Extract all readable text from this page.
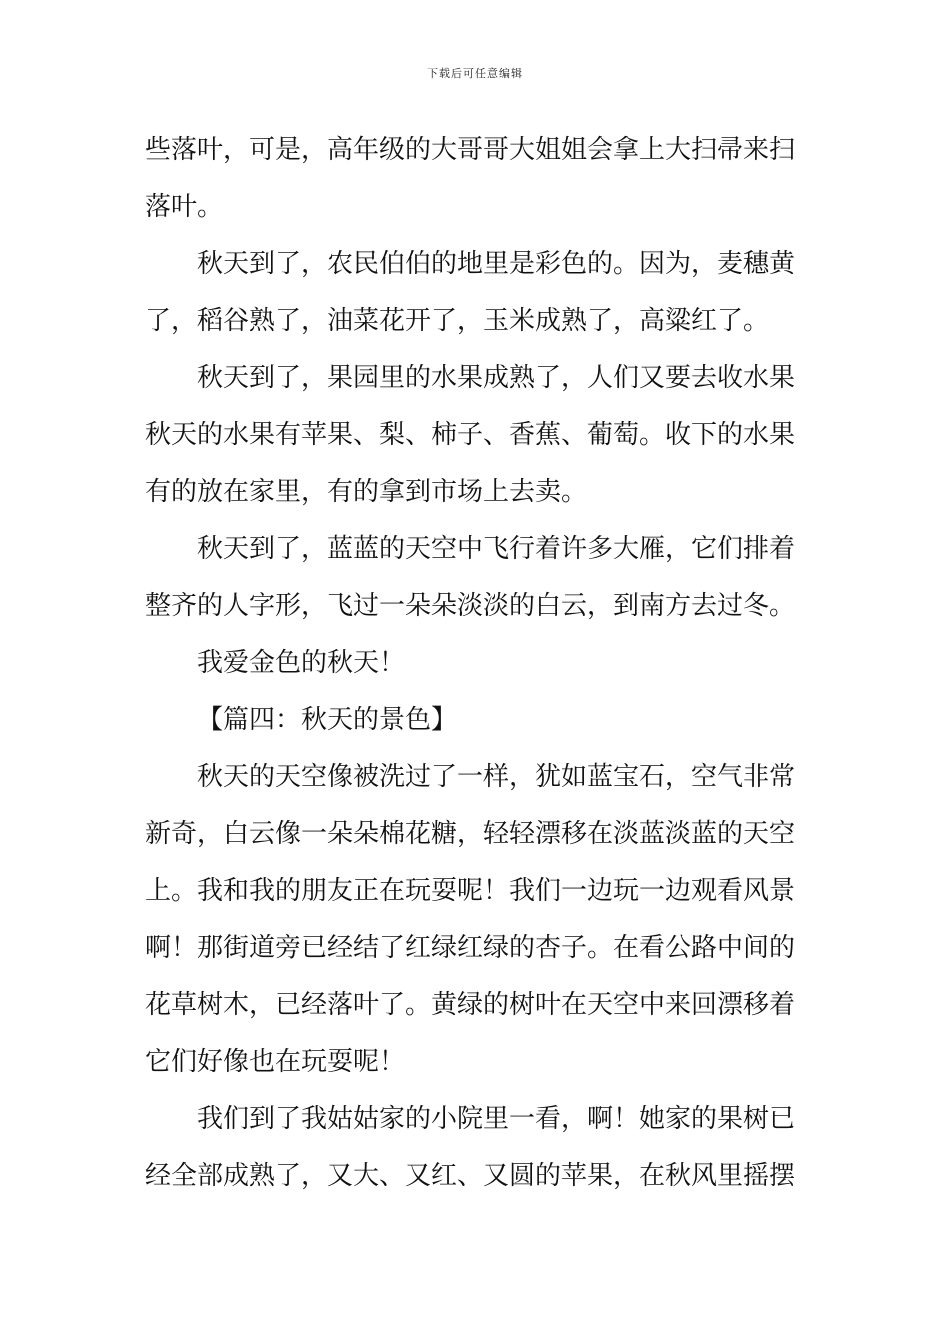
下载后可任意编辑
些落叶，可是，高年级的大哥哥大姐姐会拿上大扫帚来扫
落叶。
秋天到了，农民伯伯的地里是彩色的。因为，麦穗黄
了，稻谷熟了，油菜花开了，玉米成熟了，高粱红了。
秋天到了，果园里的水果成熟了，人们又要去收水果
秋天的水果有苹果、梨、柿子、香蕉、葡萄。收下的水果
有的放在家里，有的拿到市场上去卖。
秋天到了，蓝蓝的天空中飞行着许多大雁，它们排着
整齐的人字形，飞过一朵朵淡淡的白云，到南方去过冬。
我爱金色的秋天！
【篇四：秋天的景色】
秋天的天空像被洗过了一样，犹如蓝宝石，空气非常
新奇，白云像一朵朵棉花糖，轻轻漂移在淡蓝淡蓝的天空
上。我和我的朋友正在玩耍呢！我们一边玩一边观看风景
啊！那街道旁已经结了红绿红绿的杏子。在看公路中间的
花草树木，已经落叶了。黄绿的树叶在天空中来回漂移着
它们好像也在玩耍呢！
我们到了我姑姑家的小院里一看，啊！她家的果树已
经全部成熟了，又大、又红、又圆的苹果，在秋风里摇摆
